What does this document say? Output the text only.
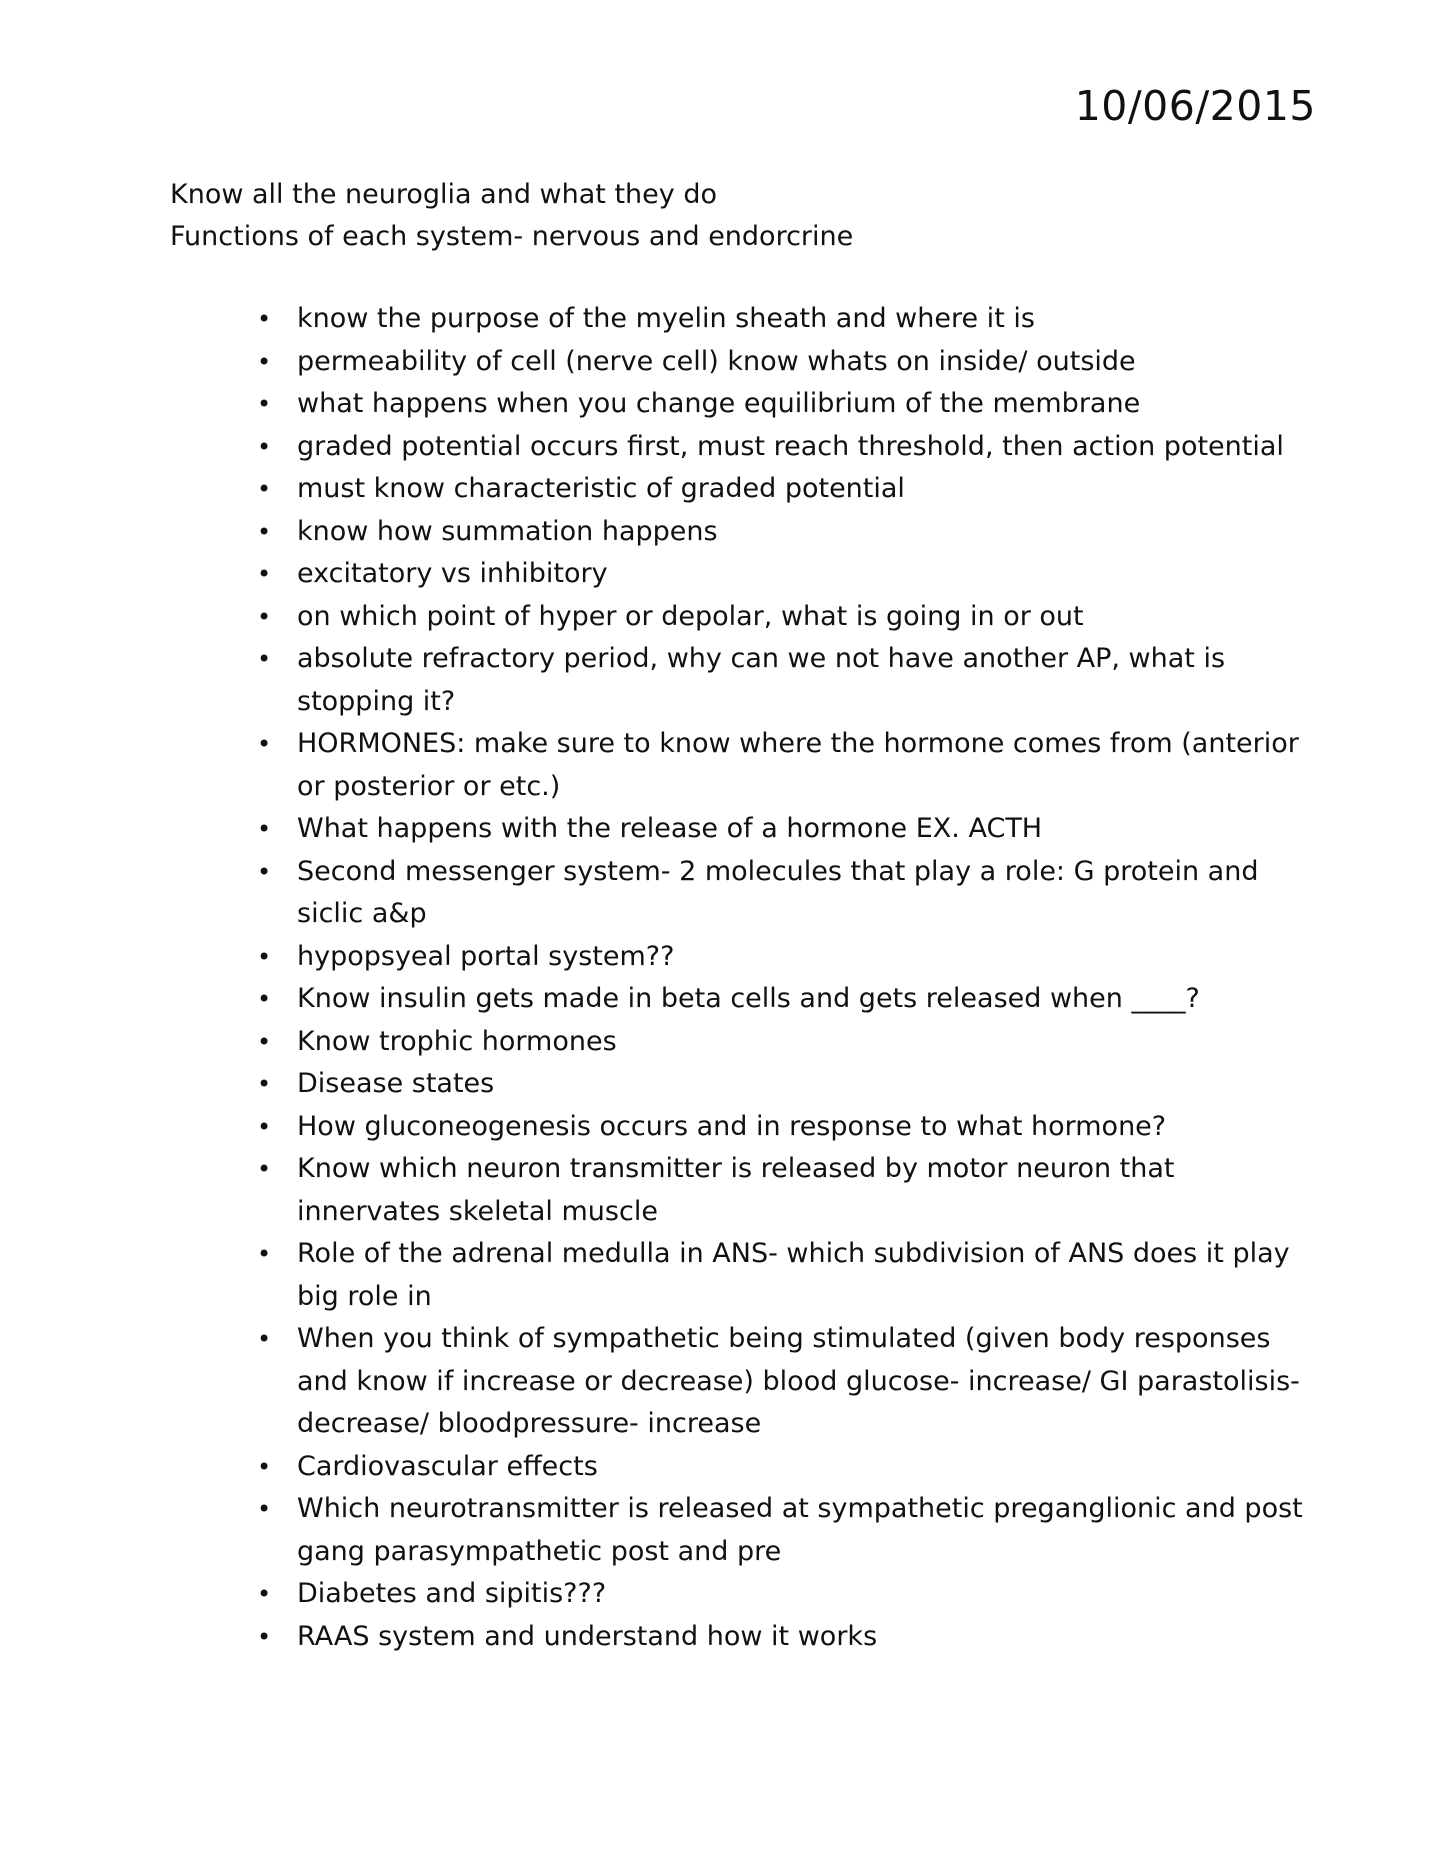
10/06/2015

Know all the neuroglia and what they do

Functions of each system- nervous and endorcrine

• know the purpose of the myelin sheath and where it is
• permeability of cell (nerve cell) know whats on inside/ outside
• what happens when you change equilibrium of the membrane
• graded potential occurs first, must reach threshold, then action potential
• must know characteristic of graded potential
• know how summation happens
• excitatory vs inhibitory
• on which point of hyper or depolar, what is going in or out
• absolute refractory period, why can we not have another AP, what is stopping it?
• HORMONES: make sure to know where the hormone comes from (anterior or posterior or etc.)
• What happens with the release of a hormone EX. ACTH
• Second messenger system- 2 molecules that play a role: G protein and siclic a&p
• hypopsyeal portal system??
• Know insulin gets made in beta cells and gets released when ____?
• Know trophic hormones
• Disease states
• How gluconeogenesis occurs and in response to what hormone?
• Know which neuron transmitter is released by motor neuron that innervates skeletal muscle
• Role of the adrenal medulla in ANS- which subdivision of ANS does it play big role in
• When you think of sympathetic being stimulated (given body responses and know if increase or decrease) blood glucose- increase/ GI parastolisis- decrease/ bloodpressure- increase
• Cardiovascular effects
• Which neurotransmitter is released at sympathetic preganglionic and post gang parasympathetic post and pre
• Diabetes and sipitis???
• RAAS system and understand how it works
